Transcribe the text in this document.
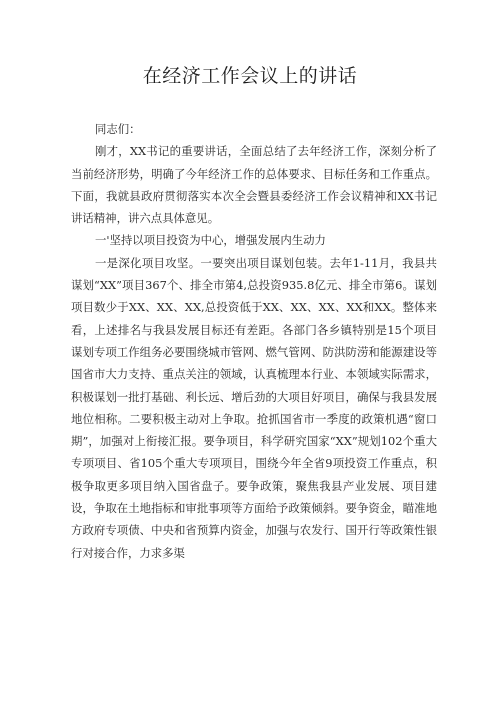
在经济工作会议上的讲话

同志们：

刚才，XX书记的重要讲话，全面总结了去年经济工作，深刻分析了当前经济形势，明确了今年经济工作的总体要求、目标任务和工作重点。下面，我就县政府贯彻落实本次全会暨县委经济工作会议精神和XX书记讲话精神，讲六点具体意见。

一'坚持以项目投资为中心，增强发展内生动力

一是深化项目攻坚。一要突出项目谋划包装。去年1-11月，我县共谋划“XX”项目367个、排全市第4,总投资935.8亿元、排全市第6。谋划项目数少于XX、XX、XX,总投资低于XX、XX、XX、XX和XX。整体来看，上述排名与我县发展目标还有差距。各部门各乡镇特别是15个项目谋划专项工作组务必要围绕城市管网、燃气管网、防洪防涝和能源建设等国省市大力支持、重点关注的领域，认真梳理本行业、本领域实际需求，积极谋划一批打基础、利长远、增后劲的大项目好项目，确保与我县发展地位相称。二要积极主动对上争取。抢抓国省市一季度的政策机遇“窗口期”，加强对上衔接汇报。要争项目，科学研究国家“XX”规划102个重大专项项目、省105个重大专项项目，围绕今年全省9项投资工作重点，积极争取更多项目纳入国省盘子。要争政策，聚焦我县产业发展、项目建设，争取在土地指标和审批事项等方面给予政策倾斜。要争资金，瞄准地方政府专项债、中央和省预算内资金，加强与农发行、国开行等政策性银行对接合作，力求多渠
